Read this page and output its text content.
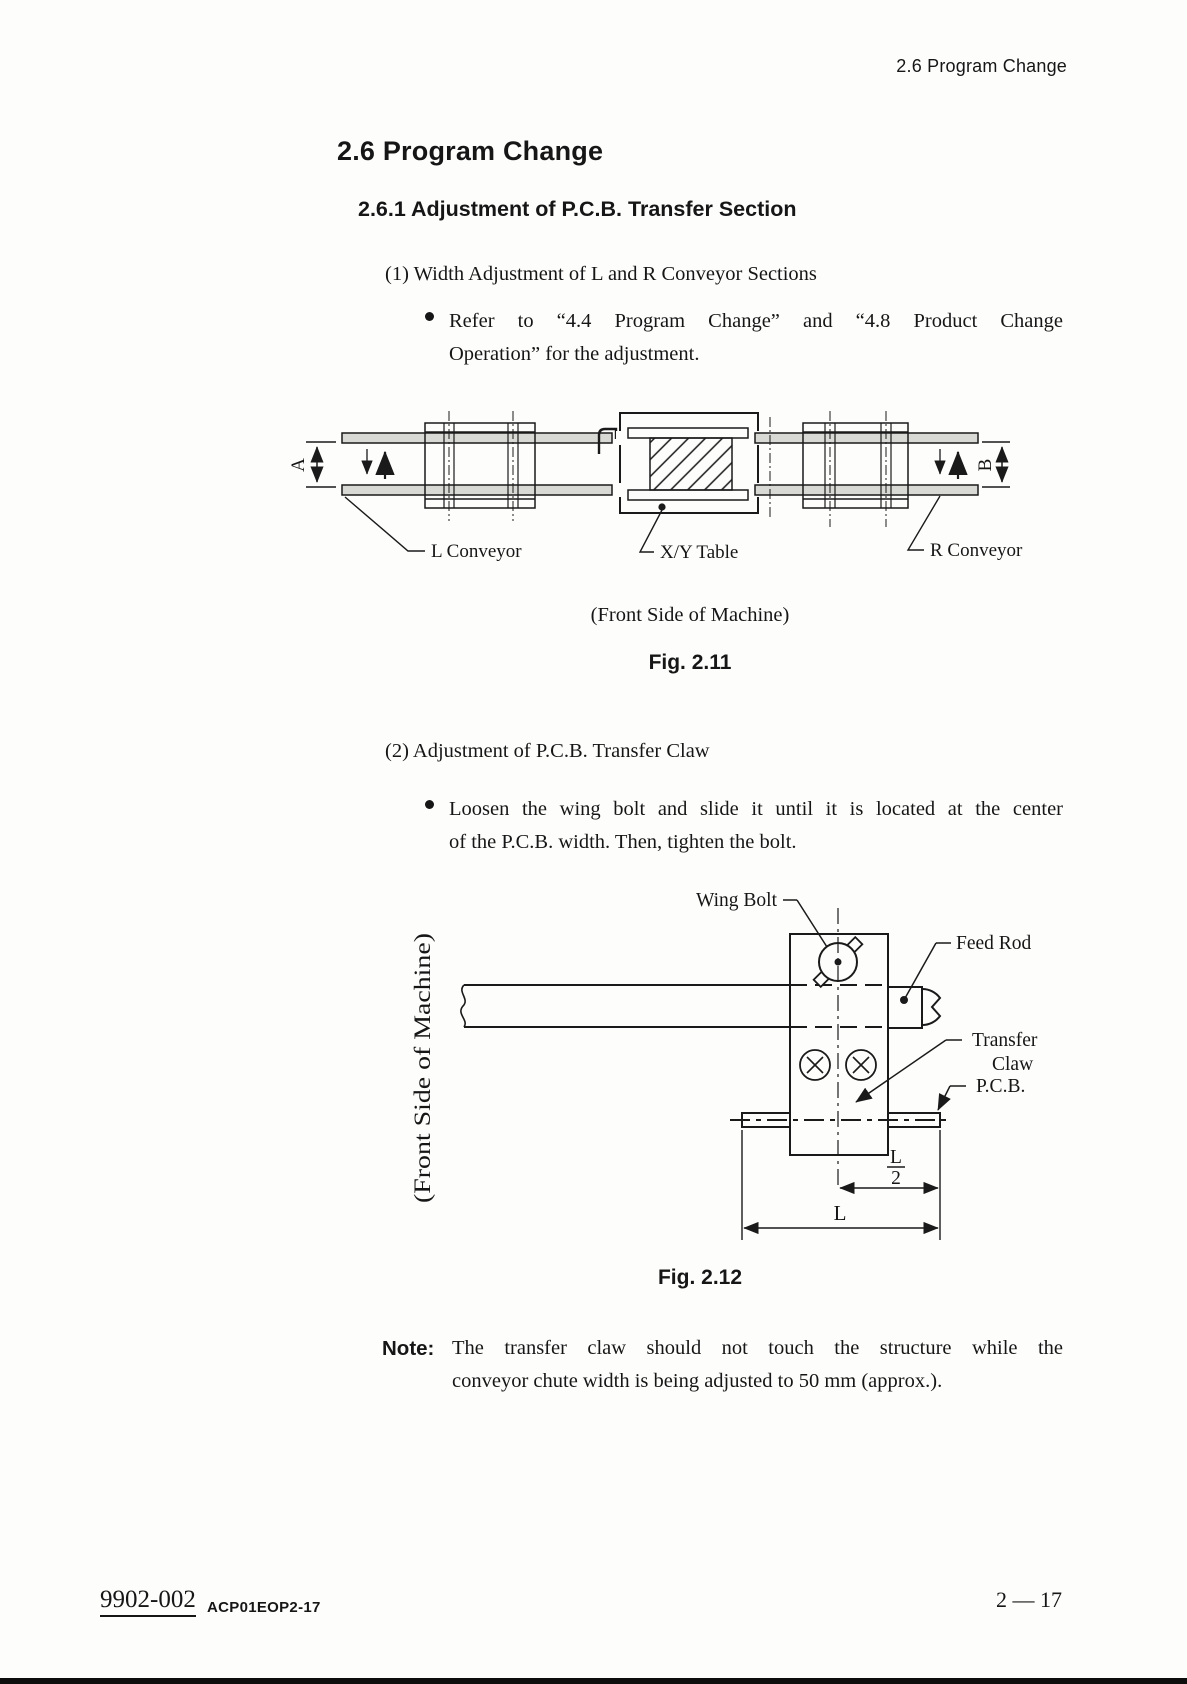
2.6 Program Change
2.6 Program Change
2.6.1 Adjustment of P.C.B. Transfer Section
(1) Width Adjustment of L and R Conveyor Sections
Refer to “4.4 Program Change” and “4.8 Product Change
Operation” for the adjustment.
A	B
L Conveyor	X/Y Table	R Conveyor
(Front Side of Machine)
Fig. 2.11
(2) Adjustment of P.C.B. Transfer Claw
Loosen the wing bolt and slide it until it is located at the center
of the P.C.B. width. Then, tighten the bolt.
Wing Bolt
Feed Rod
Transfer
Claw
P.C.B.
L
2
L
(Front Side of Machine)
Fig. 2.12
Note: The transfer claw should not touch the structure while the
conveyor chute width is being adjusted to 50 mm (approx.).
9902-002 ACP01EOP2-17	2 — 17
